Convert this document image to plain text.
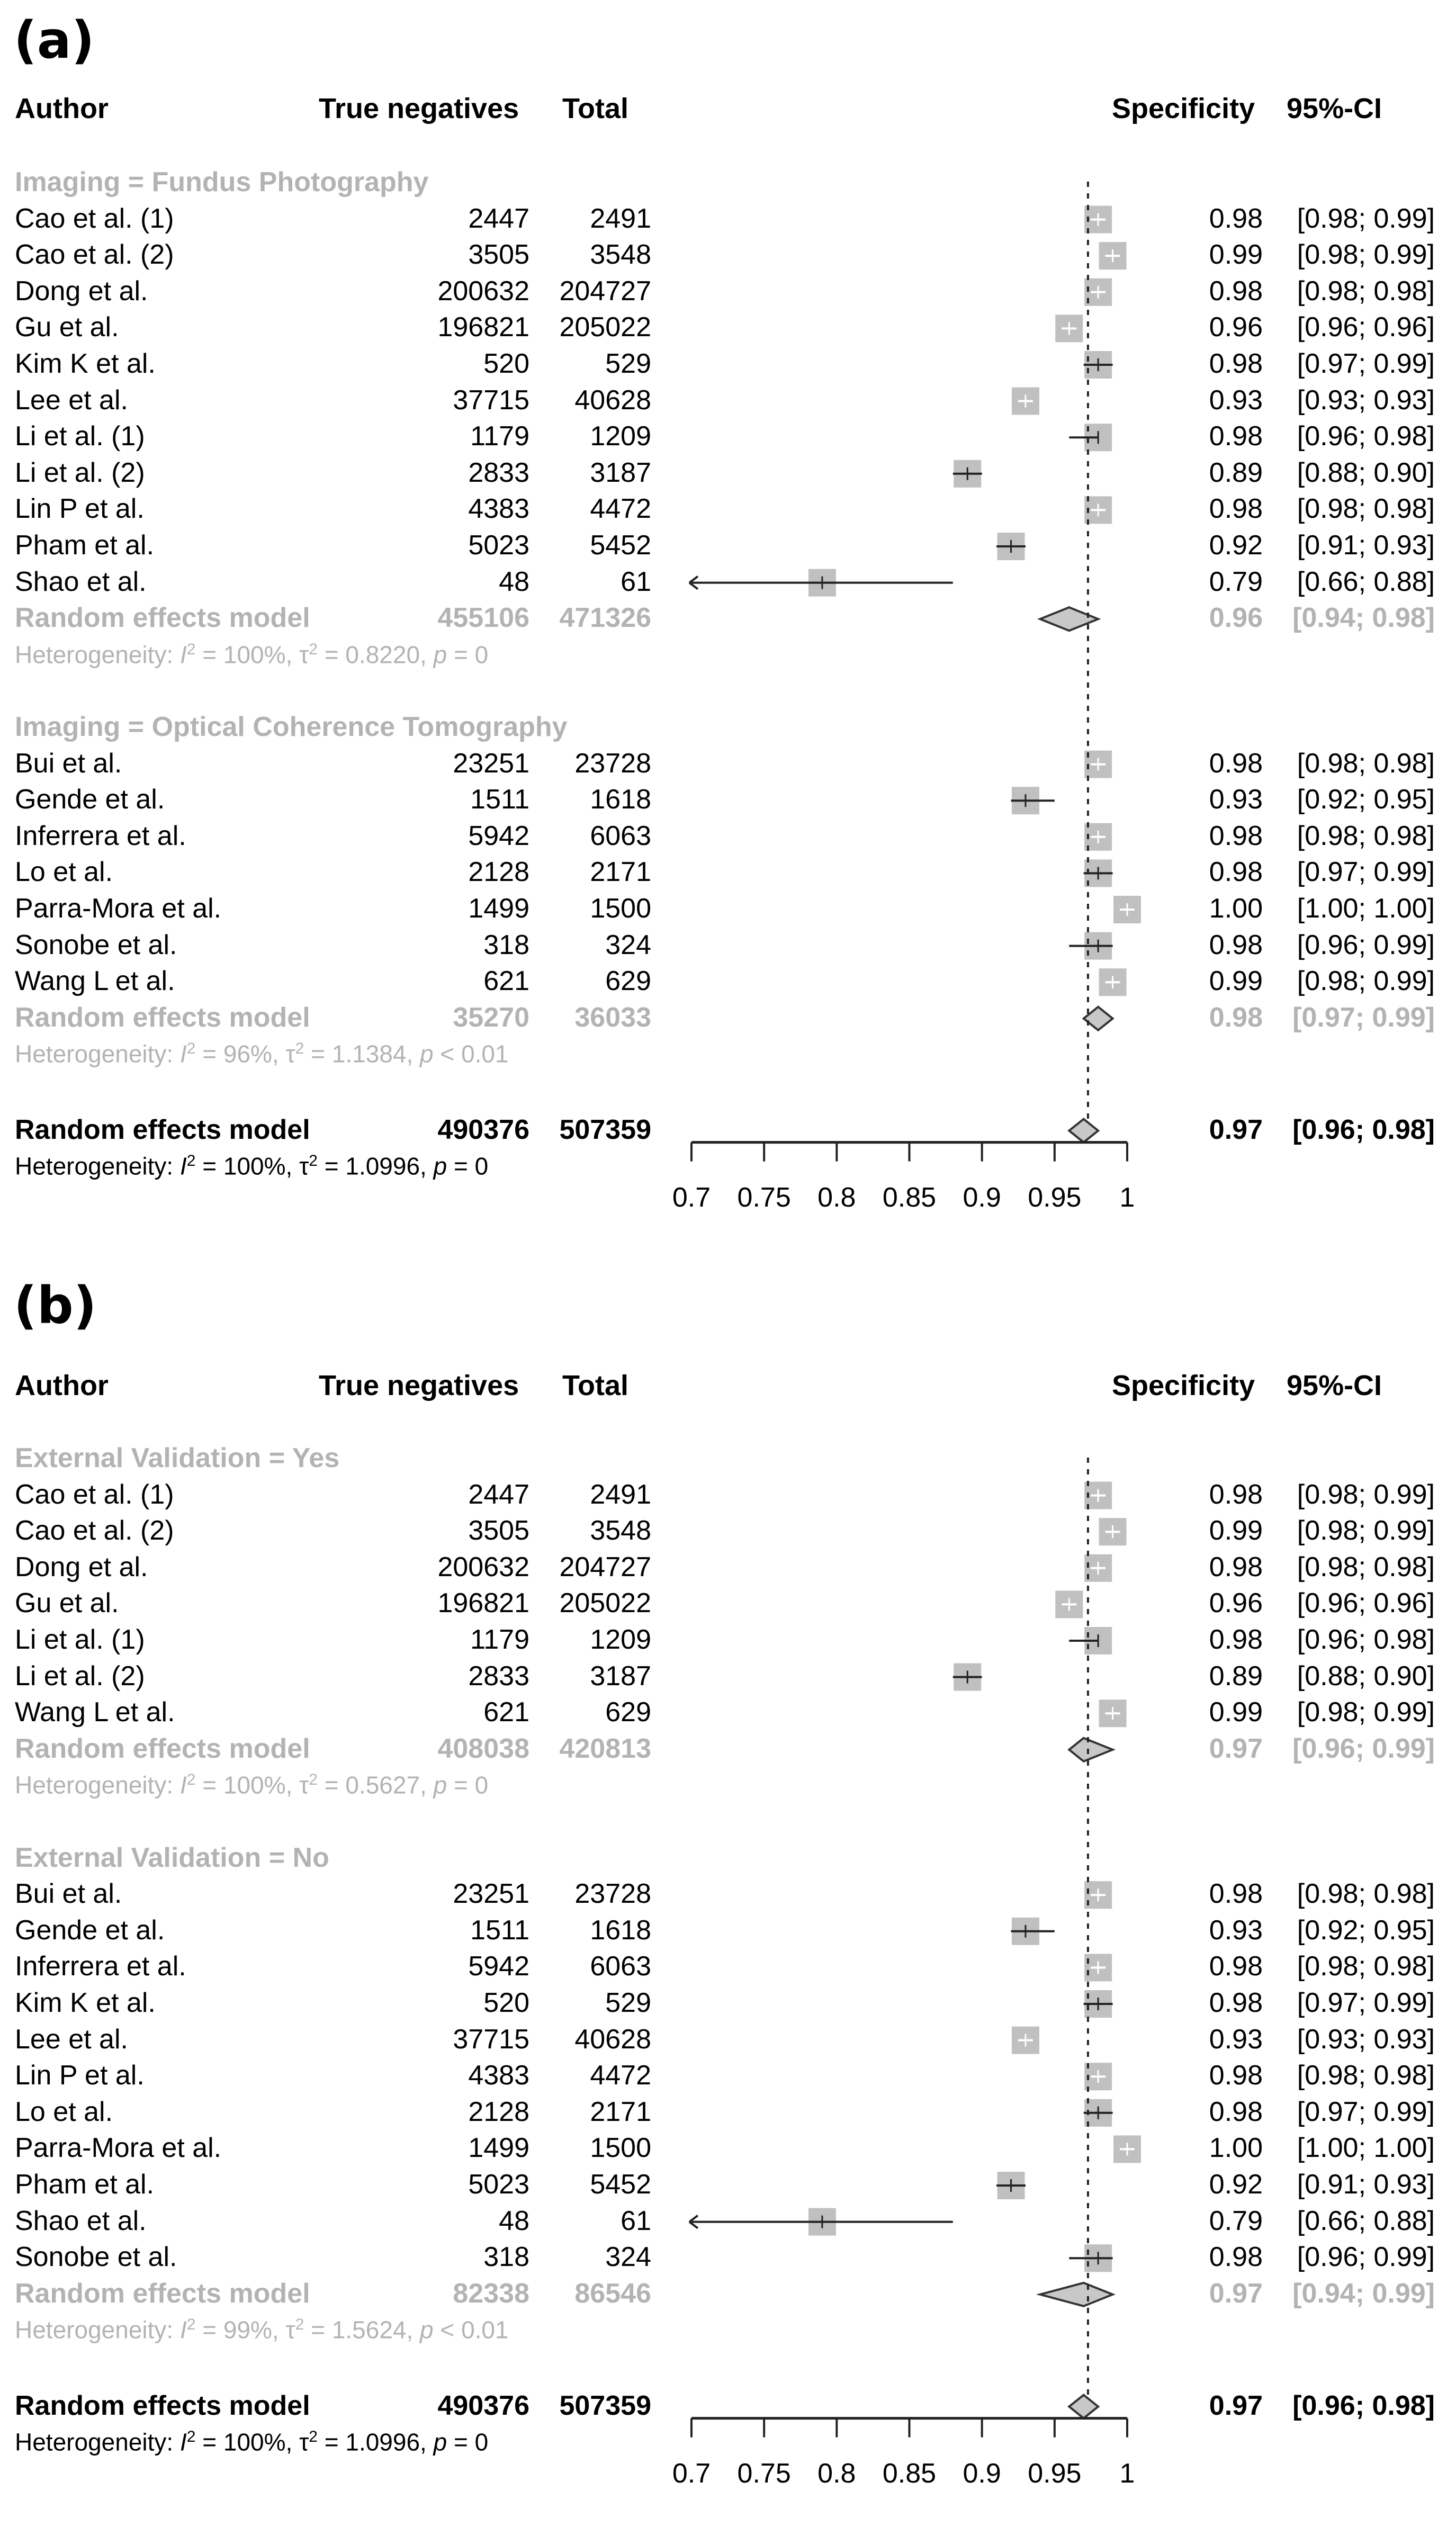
(a)
Author	True negatives Total	Specificity 95%-CI
Imaging = Fundus Photography
Cao et al. (1)	2447	2491	0.98	[0.98; 0.99]
Cao et al. (2)	3505	3548	0.99	[0.98; 0.99]
Dong et al.	200632	204727	0.98	[0.98; 0.98]
Gu et al.	196821	205022	0.96	[0.96; 0.96]
Kim K et al.	520	529	0.98	[0.97; 0.99]
Lee et al.	37715	40628	0.93	[0.93; 0.93]
Li et al. (1)	1179	1209	0.98	[0.96; 0.98]
Li et al. (2)	2833	3187	0.89	[0.88; 0.90]
Lin P et al.	4383	4472	0.98	[0.98; 0.98]
Pham et al.	5023	5452	0.92	[0.91; 0.93]
Shao et al.	48	61	0.79	[0.66; 0.88]
Random effects model	455106	471326	0.96	[0.94; 0.98]
Heterogeneity: $I^2 = 100\%$, $\tau^2 = 0.8220$, p = 0
Imaging = Optical Coherence Tomography
Bui et al.	23251	23728	0.98	[0.98; 0.98]
Gende et al.	1511	1618	0.93	[0.92; 0.95]
Inferrera et al.	5942	6063	0.98	[0.98; 0.98]
Lo et al.	2128	2171	0.98	[0.97; 0.99]
Parra-Mora et al.	1499	1500	1.00	[1.00; 1.00]
Sonobe et al.	318	324	0.98	[0.96; 0.99]
Wang L et al.	621	629	0.99	[0.98; 0.99]
Random effects model	35270	36033	0.98	[0.97; 0.99]
Heterogeneity: $I^2 = 96\%$, $\tau^2 = 1.1384$, p < 0.01
Random effects model	490376	507359	0.97	[0.96; 0.98]
Heterogeneity: $I^2 = 100\%$, $\tau^2 = 1.0996$, p = 0
0.7 0.75 0.8 0.85 0.9 0.95	1
(b)
Author	True negatives Total	Specificity 95%-CI
External Validation = Yes
Cao et al. (1)	2447	2491	0.98	[0.98; 0.99]
Cao et al. (2)	3505	3548	0.99	[0.98; 0.99]
Dong et al.	200632	204727	0.98	[0.98; 0.98]
Gu et al.	196821	205022	0.96	[0.96; 0.96]
Li et al. (1)	1179	1209	0.98	[0.96; 0.98]
Li et al. (2)	2833	3187	0.89	[0.88; 0.90]
Wang L et al.	621	629	0.99	[0.98; 0.99]
Random effects model	408038	420813	0.97	[0.96; 0.99]
Heterogeneity: $I^2 = 100\%$, $\tau^2 = 0.5627$, p = 0
External Validation = No
Bui et al.	23251	23728	0.98	[0.98; 0.98]
Gende et al.	1511	1618	0.93	[0.92; 0.95]
Inferrera et al.	5942	6063	0.98	[0.98; 0.98]
Kim K et al.	520	529	0.98	[0.97; 0.99]
Lee et al.	37715	40628	0.93	[0.93; 0.93]
Lin P et al.	4383	4472	0.98	[0.98; 0.98]
Lo et al.	2128	2171	0.98	[0.97; 0.99]
Parra-Mora et al.	1499	1500	1.00	[1.00; 1.00]
Pham et al.	5023	5452	0.92	[0.91; 0.93]
Shao et al.	48	61	0.79	[0.66; 0.88]
Sonobe et al.	318	324	0.98	[0.96; 0.99]
Random effects model	82338	86546	0.97	[0.94; 0.99]
Heterogeneity: $I^2 = 99\%$, $\tau^2 = 1.5624$, p < 0.01
Random effects model	490376	507359	0.97	[0.96; 0.98]
Heterogeneity: $I^2 = 100\%$, $\tau^2 = 1.0996$, p = 0
0.7 0.75 0.8 0.85 0.9 0.95	1
